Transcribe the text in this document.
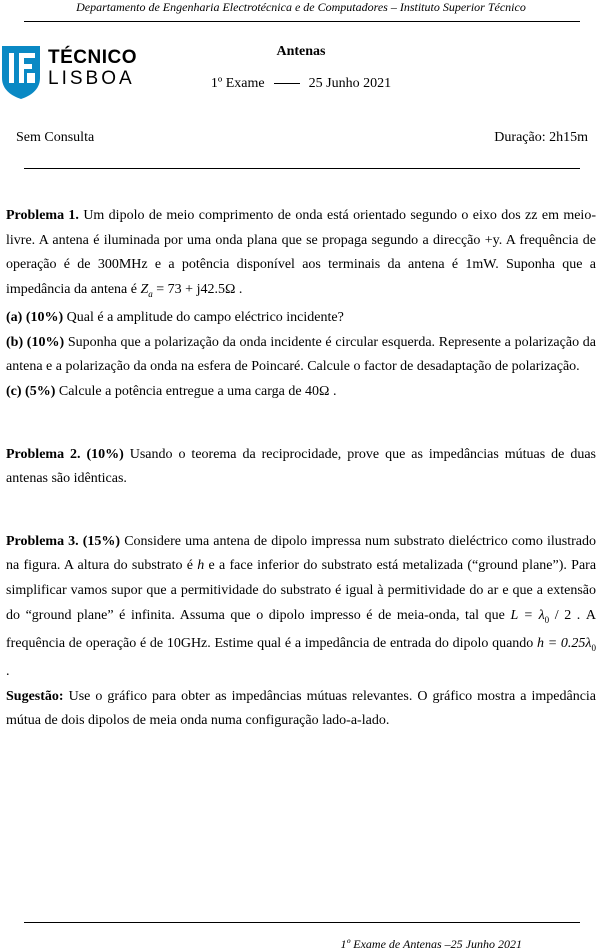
Departamento de Engenharia Electrotécnica e de Computadores – Instituto Superior Técnico
TÉCNICO
LISBOA
Antenas
1º Exame	25 Junho 2021
Sem Consulta	Duração: 2h15m

Problema 1. Um dipolo de meio comprimento de onda está orientado segundo o eixo dos zz em meio-livre. A antena é iluminada por uma onda plana que se propaga segundo a direcção +y. A frequência de operação é de 300MHz e a potência disponível aos terminais da antena é 1mW. Suponha que a impedância da antena é $Z_a = 73 + j42.5\Omega$ .

(a) (10%) Qual é a amplitude do campo eléctrico incidente?

(b) (10%) Suponha que a polarização da onda incidente é circular esquerda. Represente a polarização da antena e a polarização da onda na esfera de Poincaré. Calcule o factor de desadaptação de polarização.

(c) (5%) Calcule a potência entregue a uma carga de 40Ω .

Problema 2. (10%) Usando o teorema da reciprocidade, prove que as impedâncias mútuas de duas antenas são idênticas.

Problema 3. (15%) Considere uma antena de dipolo impressa num substrato dieléctrico como ilustrado na figura. A altura do substrato é h e a face inferior do substrato está metalizada (“ground plane”). Para simplificar vamos supor que a permitividade do substrato é igual à permitividade do ar e que a extensão do “ground plane” é infinita. Assuma que o dipolo impresso é de meia-onda, tal que $L = \lambda_0 / 2$ . A frequência de operação é de 10GHz. Estime qual é a impedância de entrada do dipolo quando $h = 0.25\lambda_0$ .

Sugestão: Use o gráfico para obter as impedâncias mútuas relevantes. O gráfico mostra a impedância mútua de dois dipolos de meia onda numa configuração lado-a-lado.

1º Exame de Antenas –25 Junho 2021
